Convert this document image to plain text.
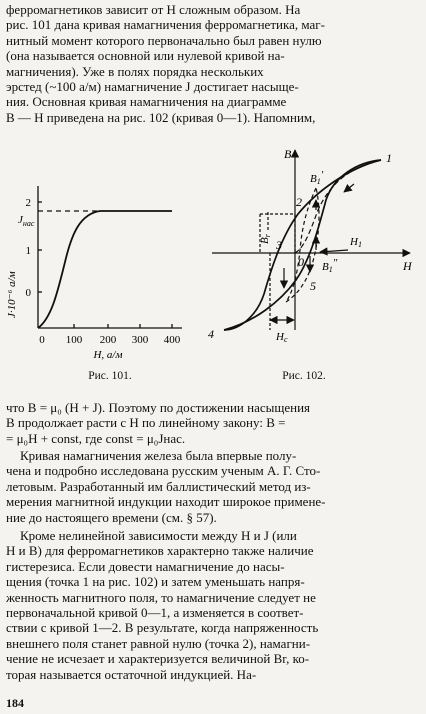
ферромагнетиков зависит от H сложным образом. На
рис. 101 дана кривая намагничения ферромагнетика, маг-
нитный момент которого первоначально был равен нулю
(она называется основной или нулевой кривой на-
магничения). Уже в полях порядка нескольких
эрстед (~100 а/м) намагничение J достигает насыще-
ния. Основная кривая намагничения на диаграмме
B — H приведена на рис. 102 (кривая 0—1). Напомним,
2
1
0
$J_{нас}$
J·10⁻⁶ а/м
0 100 200 300 400
H, а/м
Рис. 101.
B
H
1
2
3
0
4
5
Br
Hc
H1
B1′
B1″
Рис. 102.
что B = μ₀ (H + J). Поэтому по достижении насыщения
B продолжает расти с H по линейному закону: B =
= μ₀H + const, где const = μ₀Jнас.
Кривая намагничения железа была впервые полу-
чена и подробно исследована русским ученым А. Г. Сто-
летовым. Разработанный им баллистический метод из-
мерения магнитной индукции находит широкое примене-
ние до настоящего времени (см. § 57).
Кроме нелинейной зависимости между H и J (или
H и B) для ферромагнетиков характерно также наличие
гистерезиса. Если довести намагничение до насы-
щения (точка 1 на рис. 102) и затем уменьшать напря-
женность магнитного поля, то намагничение следует не
первоначальной кривой 0—1, а изменяется в соответ-
ствии с кривой 1—2. В результате, когда напряженность
внешнего поля станет равной нулю (точка 2), намагни-
чение не исчезает и характеризуется величиной Br, ко-
торая называется остаточной индукцией. На-
184
